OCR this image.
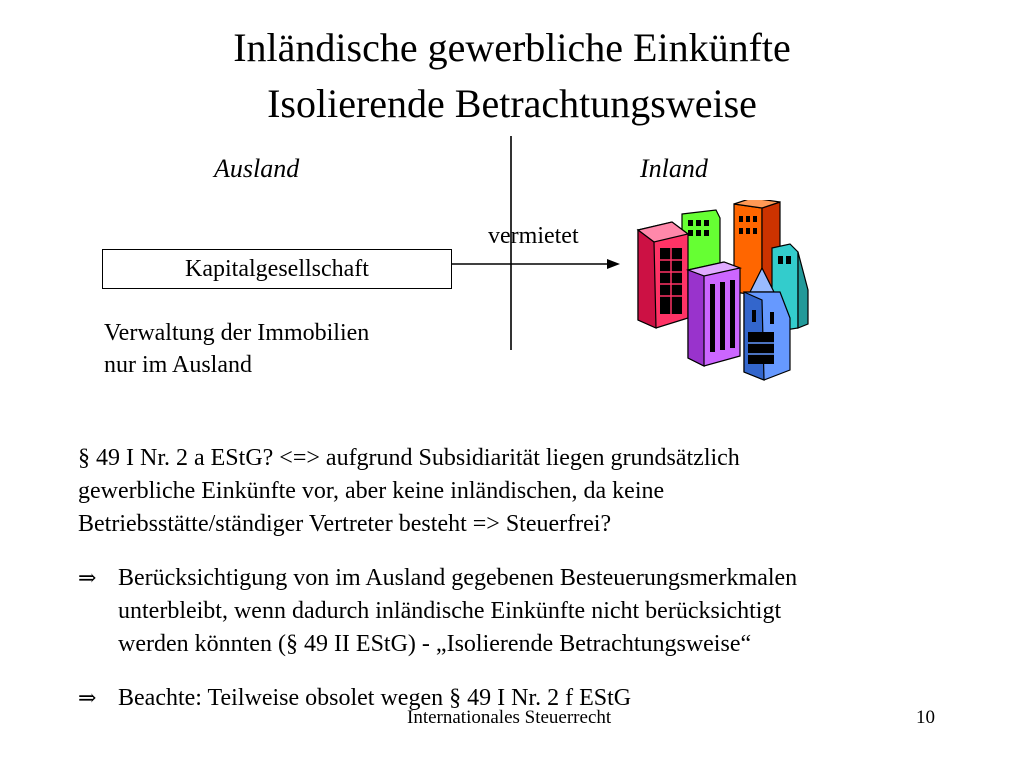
Inländische gewerbliche Einkünfte
Isolierende Betrachtungsweise
Ausland	Inland
Kapitalgesellschaft
vermietet
Verwaltung der Immobilien
nur im Ausland
§ 49 I Nr. 2 a EStG? <=> aufgrund Subsidiarität liegen grundsätzlich
gewerbliche Einkünfte vor, aber keine inländischen, da keine
Betriebsstätte/ständiger Vertreter besteht => Steuerfrei?
⇒ Berücksichtigung von im Ausland gegebenen Besteuerungsmerkmalen
unterbleibt, wenn dadurch inländische Einkünfte nicht berücksichtigt
werden könnten (§ 49 II EStG) - „Isolierende Betrachtungsweise“
⇒ Beachte: Teilweise obsolet wegen § 49 I Nr. 2 f EStG
Internationales Steuerrecht	10
